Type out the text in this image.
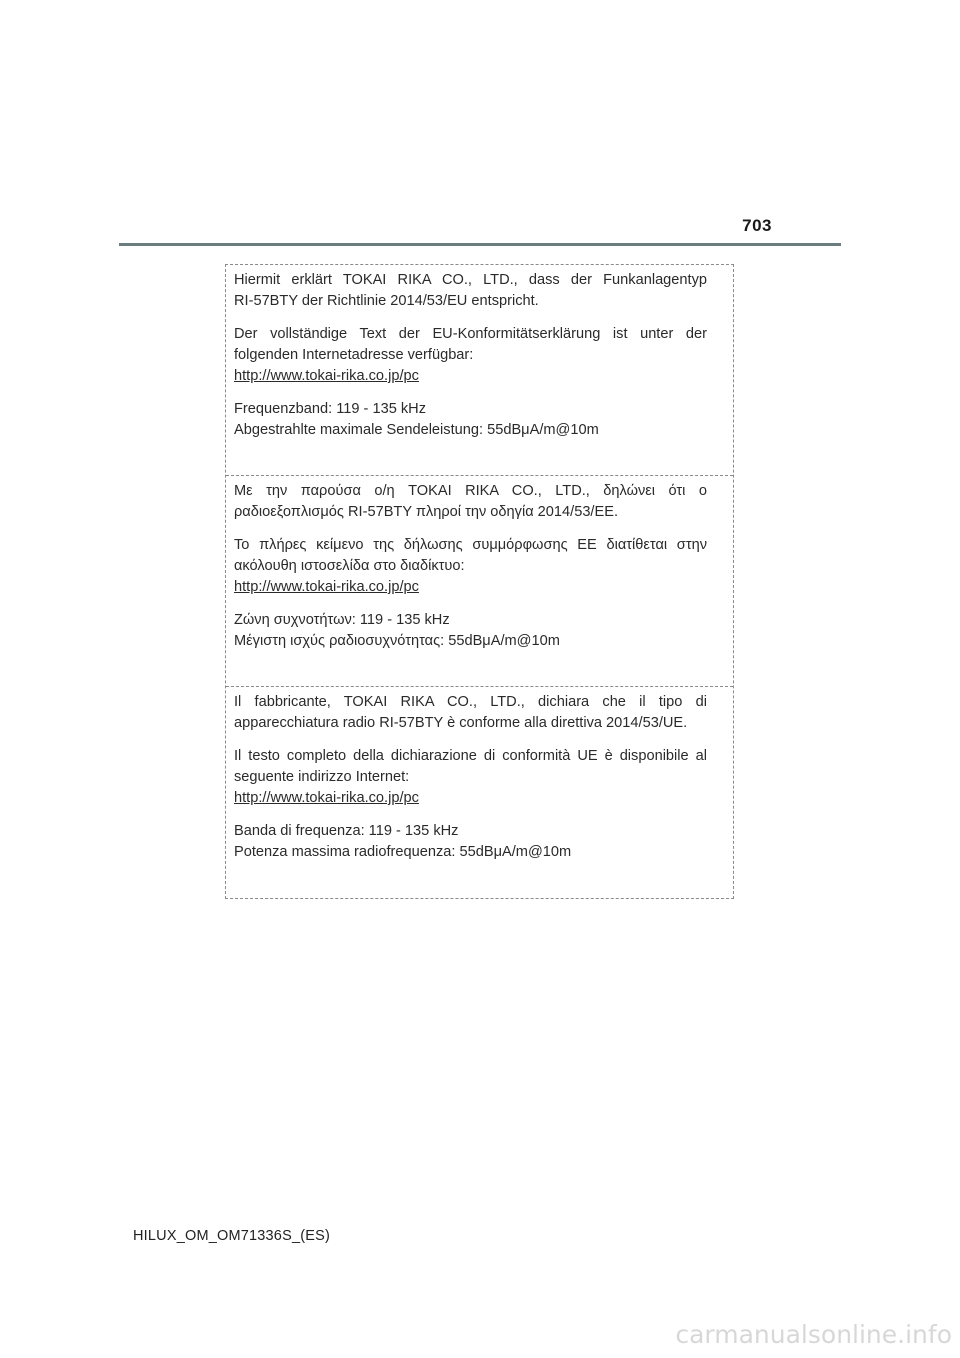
703

Hiermit erklärt TOKAI RIKA CO., LTD., dass der Funkanlagentyp
RI-57BTY der Richtlinie 2014/53/EU entspricht.

Der vollständige Text der EU-Konformitätserklärung ist unter der
folgenden Internetadresse verfügbar:
http://www.tokai-rika.co.jp/pc

Frequenzband: 119 - 135 kHz
Abgestrahlte maximale Sendeleistung: 55dBμA/m@10m

Με την παρούσα ο/η TOKAI RIKA CO., LTD., δηλώνει ότι ο
ραδιοεξοπλισμός RI-57BTY πληροί την οδηγία 2014/53/ΕΕ.

Το πλήρες κείμενο της δήλωσης συμμόρφωσης ΕΕ διατίθεται στην
ακόλουθη ιστοσελίδα στο διαδίκτυο:
http://www.tokai-rika.co.jp/pc

Ζώνη συχνοτήτων: 119 - 135 kHz
Μέγιστη ισχύς ραδιοσυχνότητας: 55dBμA/m@10m

Il fabbricante, TOKAI RIKA CO., LTD., dichiara che il tipo di
apparecchiatura radio RI-57BTY è conforme alla direttiva 2014/53/UE.

Il testo completo della dichiarazione di conformità UE è disponibile al
seguente indirizzo Internet:
http://www.tokai-rika.co.jp/pc

Banda di frequenza: 119 - 135 kHz
Potenza massima radiofrequenza: 55dBμA/m@10m

HILUX_OM_OM71336S_(ES)
carmanualsonline.info
